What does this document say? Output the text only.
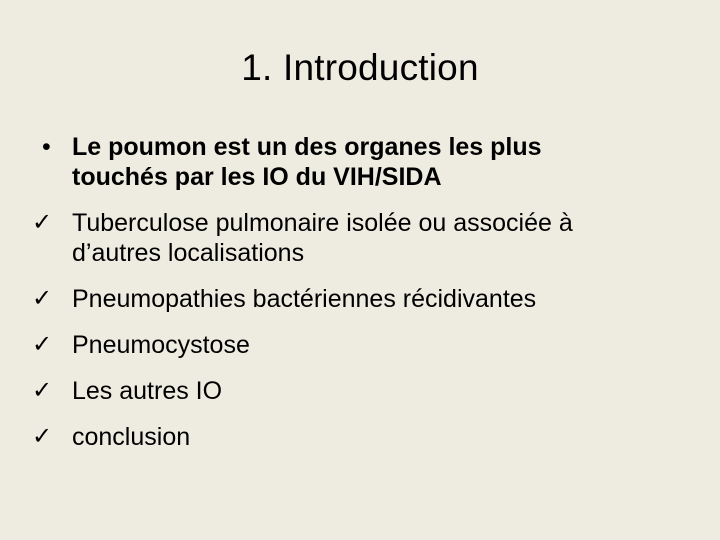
1. Introduction
• Le poumon est un des organes les plus
touchés par les IO du VIH/SIDA
✓ Tuberculose pulmonaire isolée ou associée à
d’autres localisations
✓ Pneumopathies bactériennes récidivantes
✓ Pneumocystose
✓ Les autres IO
✓ conclusion
